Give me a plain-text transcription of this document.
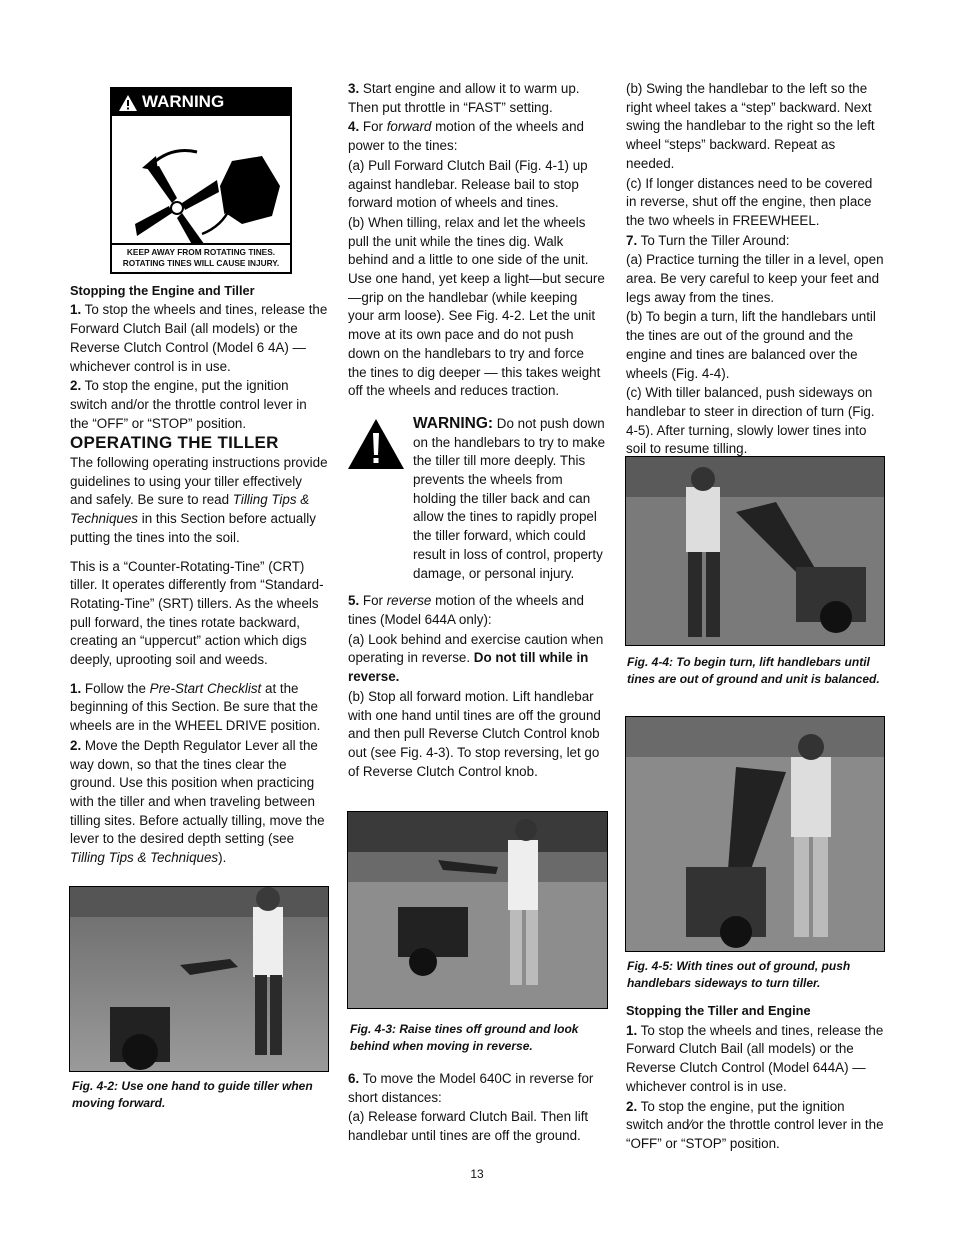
WARNING
KEEP AWAY FROM ROTATING TINES.
ROTATING TINES WILL CAUSE INJURY.

Stopping the Engine and Tiller

1. To stop the wheels and tines, release the Forward Clutch Bail (all models) or the Reverse Clutch Control (Model 6 4A) — whichever control is in use.

2. To stop the engine, put the ignition switch and/or the throttle control lever in the “OFF” or “STOP” position.

OPERATING THE TILLER

The following operating instructions provide guidelines to using your tiller effectively and safely. Be sure to read Tilling Tips & Techniques in this Section before actually putting the tines into the soil.

This is a “Counter-Rotating-Tine” (CRT) tiller. It operates differently from “Standard-Rotating-Tine” (SRT) tillers. As the wheels pull forward, the tines rotate backward, creating an “uppercut” action which digs deeply, uprooting soil and weeds.

1. Follow the Pre-Start Checklist at the beginning of this Section. Be sure that the wheels are in the WHEEL DRIVE position.

2. Move the Depth Regulator Lever all the way down, so that the tines clear the ground. Use this position when practicing with the tiller and when traveling between tilling sites. Before actually tilling, move the lever to the desired depth setting (see Tilling Tips & Techniques).

Fig. 4-2: Use one hand to guide tiller when moving forward.

3. Start engine and allow it to warm up. Then put throttle in “FAST” setting.

4. For forward motion of the wheels and power to the tines:

(a) Pull Forward Clutch Bail (Fig. 4-1) up against handlebar. Release bail to stop forward motion of wheels and tines.

(b) When tilling, relax and let the wheels pull the unit while the tines dig. Walk behind and a little to one side of the unit. Use one hand, yet keep a light—but secure—grip on the handlebar (while keeping your arm loose). See Fig. 4-2. Let the unit move at its own pace and do not push down on the handlebars to try and force the tines to dig deeper — this takes weight off the wheels and reduces traction.

WARNING: Do not push down on the handlebars to try to make the tiller till more deeply. This prevents the wheels from holding the tiller back and can allow the tines to rapidly propel the tiller forward, which could result in loss of control, property damage, or personal injury.

5. For reverse motion of the wheels and tines (Model 644A only):

(a) Look behind and exercise caution when operating in reverse. Do not till while in reverse.

(b) Stop all forward motion. Lift handlebar with one hand until tines are off the ground and then pull Reverse Clutch Control knob out (see Fig. 4-3). To stop reversing, let go of Reverse Clutch Control knob.

Fig. 4-3: Raise tines off ground and look behind when moving in reverse.

6. To move the Model 640C in reverse for short distances:

(a) Release forward Clutch Bail. Then lift handlebar until tines are off the ground.

(b) Swing the handlebar to the left so the right wheel takes a “step” backward. Next swing the handlebar to the right so the left wheel “steps” backward. Repeat as needed.

(c) If longer distances need to be covered in reverse, shut off the engine, then place the two wheels in FREEWHEEL.

7. To Turn the Tiller Around:

(a) Practice turning the tiller in a level, open area. Be very careful to keep your feet and legs away from the tines.

(b) To begin a turn, lift the handlebars until the tines are out of the ground and the engine and tines are balanced over the wheels (Fig. 4-4).

(c) With tiller balanced, push sideways on handlebar to steer in direction of turn (Fig. 4-5). After turning, slowly lower tines into soil to resume tilling.

Fig. 4-4: To begin turn, lift handlebars until tines are out of ground and unit is balanced.
Fig. 4-5: With tines out of ground, push handlebars sideways to turn tiller.

Stopping the Tiller and Engine

1. To stop the wheels and tines, release the Forward Clutch Bail (all models) or the Reverse Clutch Control (Model 644A) — whichever control is in use.

2. To stop the engine, put the ignition switch and⁄or the throttle control lever in the “OFF” or “STOP” position.

13
